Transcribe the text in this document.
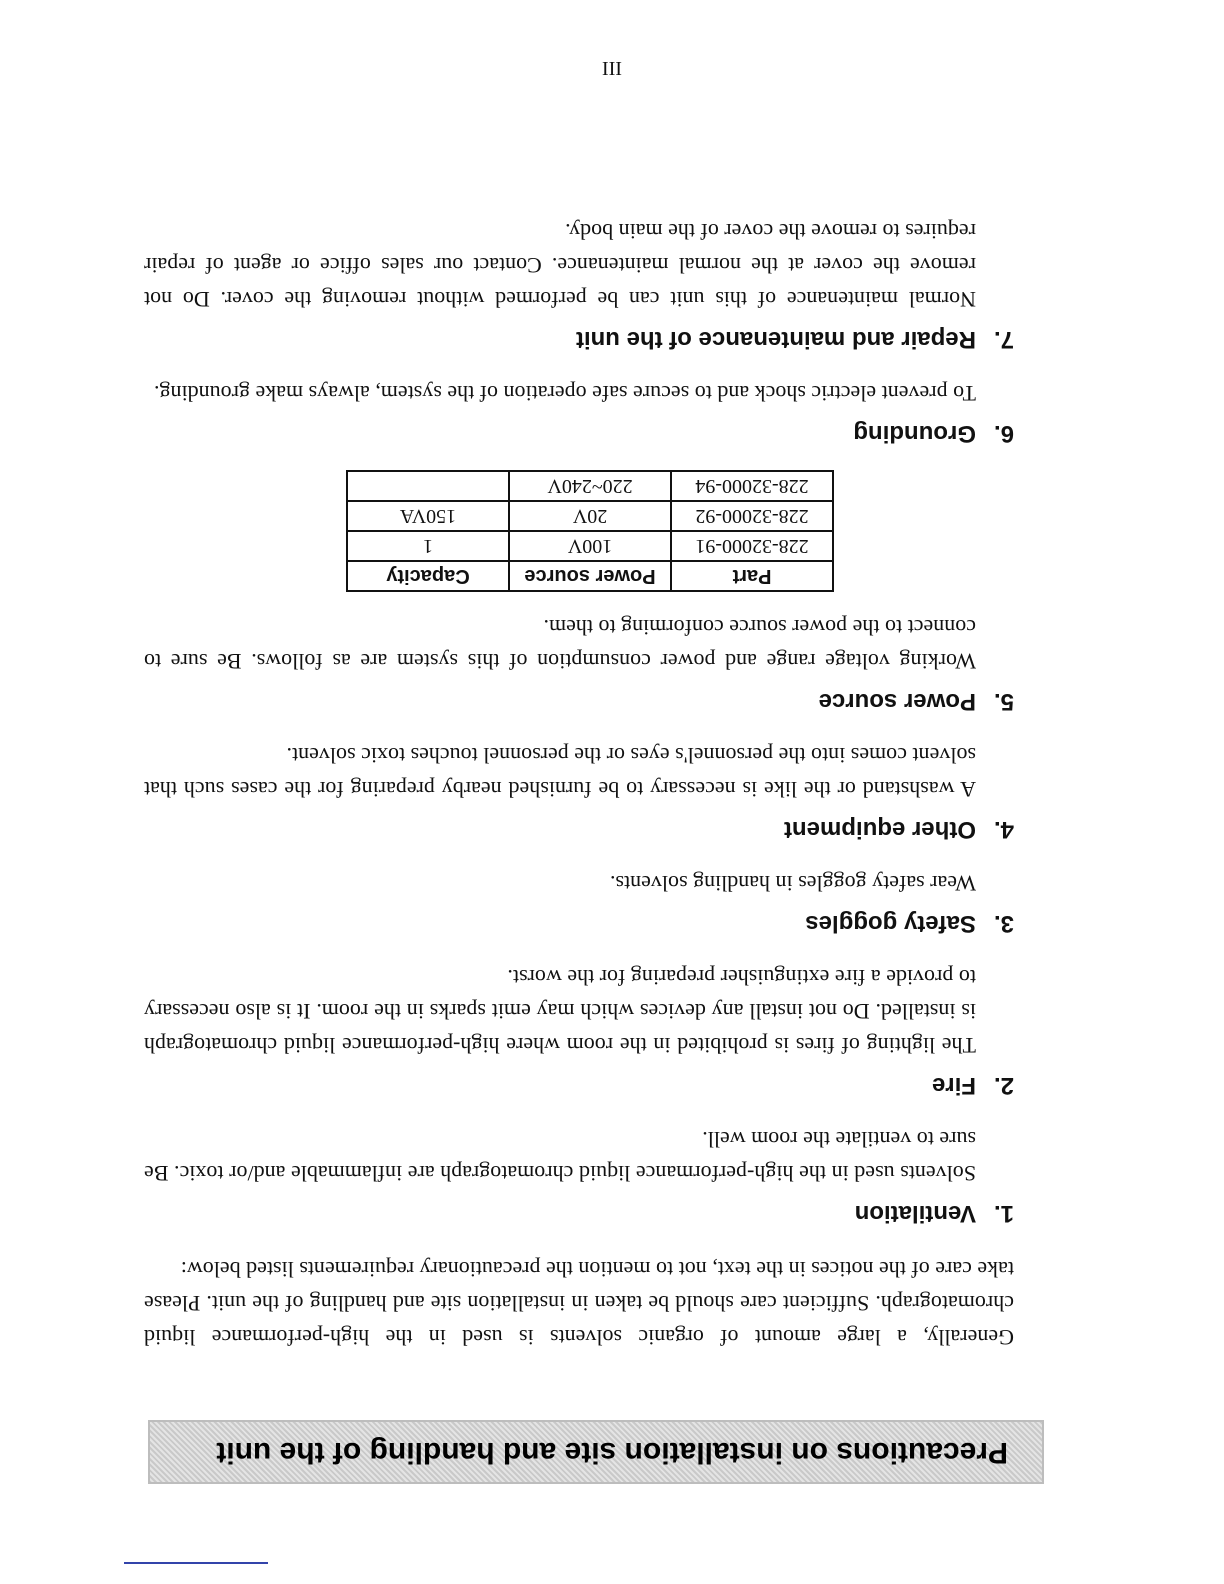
Precautions on installation site and handling of the unit

Generally, a large amount of organic solvents is used in the high-performance liquid chromatograph. Sufficient care should be taken in installation site and handling of the unit. Please take care of the notices in the text, not to mention the precautionary requirements listed below:

1.
Ventilation

Solvents used in the high-performance liquid chromatograph are inflammable and/or toxic. Be sure to ventilate the room well.

2.
Fire

The lighting of fires is prohibited in the room where high-performance liquid chromatograph is installed. Do not install any devices which may emit sparks in the room. It is also necessary to provide a fire extinguisher preparing for the worst.

3.
Safety goggles

Wear safety goggles in handling solvents.

4.
Other equipment

A washstand or the like is necessary to be furnished nearby preparing for the cases such that solvent comes into the personnel's eyes or the personnel touches toxic solvent.

5.
Power source

Working voltage range and power consumption of this system are as follows. Be sure to connect to the power source conforming to them.

Part	Power source	Capacity
228-32000-91	100V	1
228-32000-92	20V	150VA
228-32000-94	220~240V	
6.
Grounding

To prevent electric shock and to secure safe operation of the system, always make grounding.

7.
Repair and maintenance of the unit

Normal maintenance of this unit can be performed without removing the cover. Do not remove the cover at the normal maintenance. Contact our sales office or agent of repair requires to remove the cover of the main body.

III
